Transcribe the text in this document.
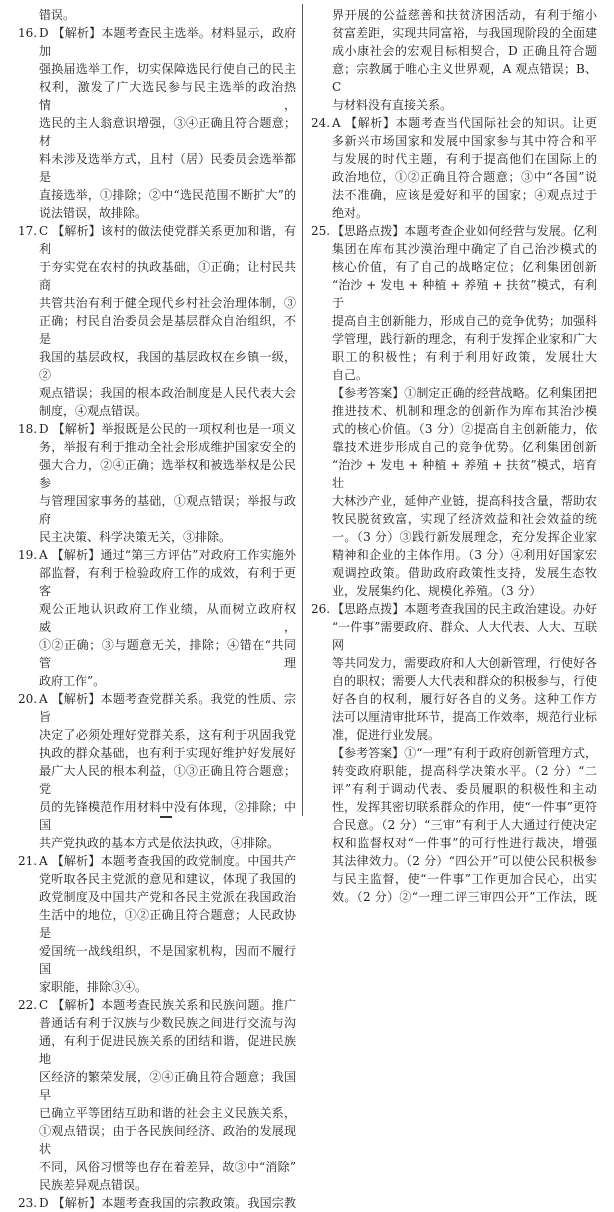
错误。
16. D 【解析】本题考查民主选举。材料显示，政府加
强换届选举工作，切实保障选民行使自己的民主
权利，激发了广大选民参与民主选举的政治热情，
选民的主人翁意识增强，③④正确且符合题意；材
料未涉及选举方式，且村（居）民委员会选举都是
直接选举，①排除；②中“选民范围不断扩大”的
说法错误，故排除。
17. C 【解析】该村的做法使党群关系更加和谐，有利
于夯实党在农村的执政基础，①正确；让村民共商
共管共治有利于健全现代乡村社会治理体制，③
正确；村民自治委员会是基层群众自治组织，不是
我国的基层政权，我国的基层政权在乡镇一级，②
观点错误；我国的根本政治制度是人民代表大会
制度，④观点错误。
18. D 【解析】举报既是公民的一项权利也是一项义
务，举报有利于推动全社会形成维护国家安全的
强大合力，②④正确；选举权和被选举权是公民参
与管理国家事务的基础，①观点错误；举报与政府
民主决策、科学决策无关，③排除。
19. A 【解析】通过“第三方评估”对政府工作实施外
部监督，有利于检验政府工作的成效，有利于更客
观公正地认识政府工作业绩，从而树立政府权威，
①②正确；③与题意无关，排除；④错在“共同管理
政府工作”。
20. A 【解析】本题考查党群关系。我党的性质、宗旨
决定了必须处理好党群关系，这有利于巩固我党
执政的群众基础，也有利于实现好维护好发展好
最广大人民的根本利益，①③正确且符合题意；党
员的先锋模范作用材料中没有体现，②排除；中国
共产党执政的基本方式是依法执政，④排除。
21. A 【解析】本题考查我国的政党制度。中国共产
党听取各民主党派的意见和建议，体现了我国的
政党制度及中国共产党和各民主党派在我国政治
生活中的地位，①②正确且符合题意；人民政协是
爱国统一战线组织，不是国家机构，因而不履行国
家职能，排除③④。
22. C 【解析】本题考查民族关系和民族问题。推广
普通话有利于汉族与少数民族之间进行交流与沟
通，有利于促进民族关系的团结和谐，促进民族地
区经济的繁荣发展，②④正确且符合题意；我国早
已确立平等团结互助和谐的社会主义民族关系，
①观点错误；由于各民族间经济、政治的发展现状
不同，风俗习惯等也存在着差异，故③中“消除”
民族差异观点错误。
23. D 【解析】本题考查我国的宗教政策。我国宗教
界开展的公益慈善和扶贫济困活动，有利于缩小
贫富差距，实现共同富裕，与我国现阶段的全面建
成小康社会的宏观目标相契合，D 正确且符合题
意；宗教属于唯心主义世界观，A 观点错误；B、C
与材料没有直接关系。
24. A 【解析】本题考查当代国际社会的知识。让更
多新兴市场国家和发展中国家参与其中符合和平
与发展的时代主题，有利于提高他们在国际上的
政治地位，①②正确且符合题意；③中“各国”说
法不准确，应该是爱好和平的国家；④观点过于
绝对。
25. 【思路点拨】本题考查企业如何经营与发展。亿利
集团在库布其沙漠治理中确定了自己治沙模式的
核心价值，有了自己的战略定位；亿利集团创新
“治沙 + 发电 + 种植 + 养殖 + 扶贫”模式，有利于
提高自主创新能力，形成自己的竞争优势；加强科
学管理，践行新的理念，有利于发挥企业家和广大
职工的积极性；有利于利用好政策，发展壮大
自己。
【参考答案】①制定正确的经营战略。亿利集团把
推进技术、机制和理念的创新作为库布其治沙模
式的核心价值。（3 分）②提高自主创新能力，依
靠技术进步形成自己的竞争优势。亿利集团创新
“治沙 + 发电 + 种植 + 养殖 + 扶贫”模式，培育壮
大林沙产业，延伸产业链，提高科技含量，帮助农
牧民脱贫致富，实现了经济效益和社会效益的统
一。（3 分）③践行新发展理念，充分发挥企业家
精神和企业的主体作用。（3 分）④利用好国家宏
观调控政策。借助政府政策性支持，发展生态牧
业，发展集约化、规模化养殖。（3 分）
26. 【思路点拨】本题考查我国的民主政治建设。办好
“一件事”需要政府、群众、人大代表、人大、互联网
等共同发力，需要政府和人大创新管理，行使好各
自的职权；需要人大代表和群众的积极参与，行使
好各自的权利，履行好各自的义务。这种工作方
法可以厘清审批环节，提高工作效率，规范行业标
准，促进行业发展。
【参考答案】①“一理”有利于政府创新管理方式，
转变政府职能，提高科学决策水平。（2 分）“二
评”有利于调动代表、委员履职的积极性和主动
性，发挥其密切联系群众的作用，使“一件事”更符
合民意。（2 分）“三审”有利于人大通过行使决定
权和监督权对“一件事”的可行性进行裁决，增强
其法律效力。（2 分）“四公开”可以使公民积极参
与民主监督，使“一件事”工作更加合民心，出实
效。（2 分）②“一理二评三审四公开”工作法，既
